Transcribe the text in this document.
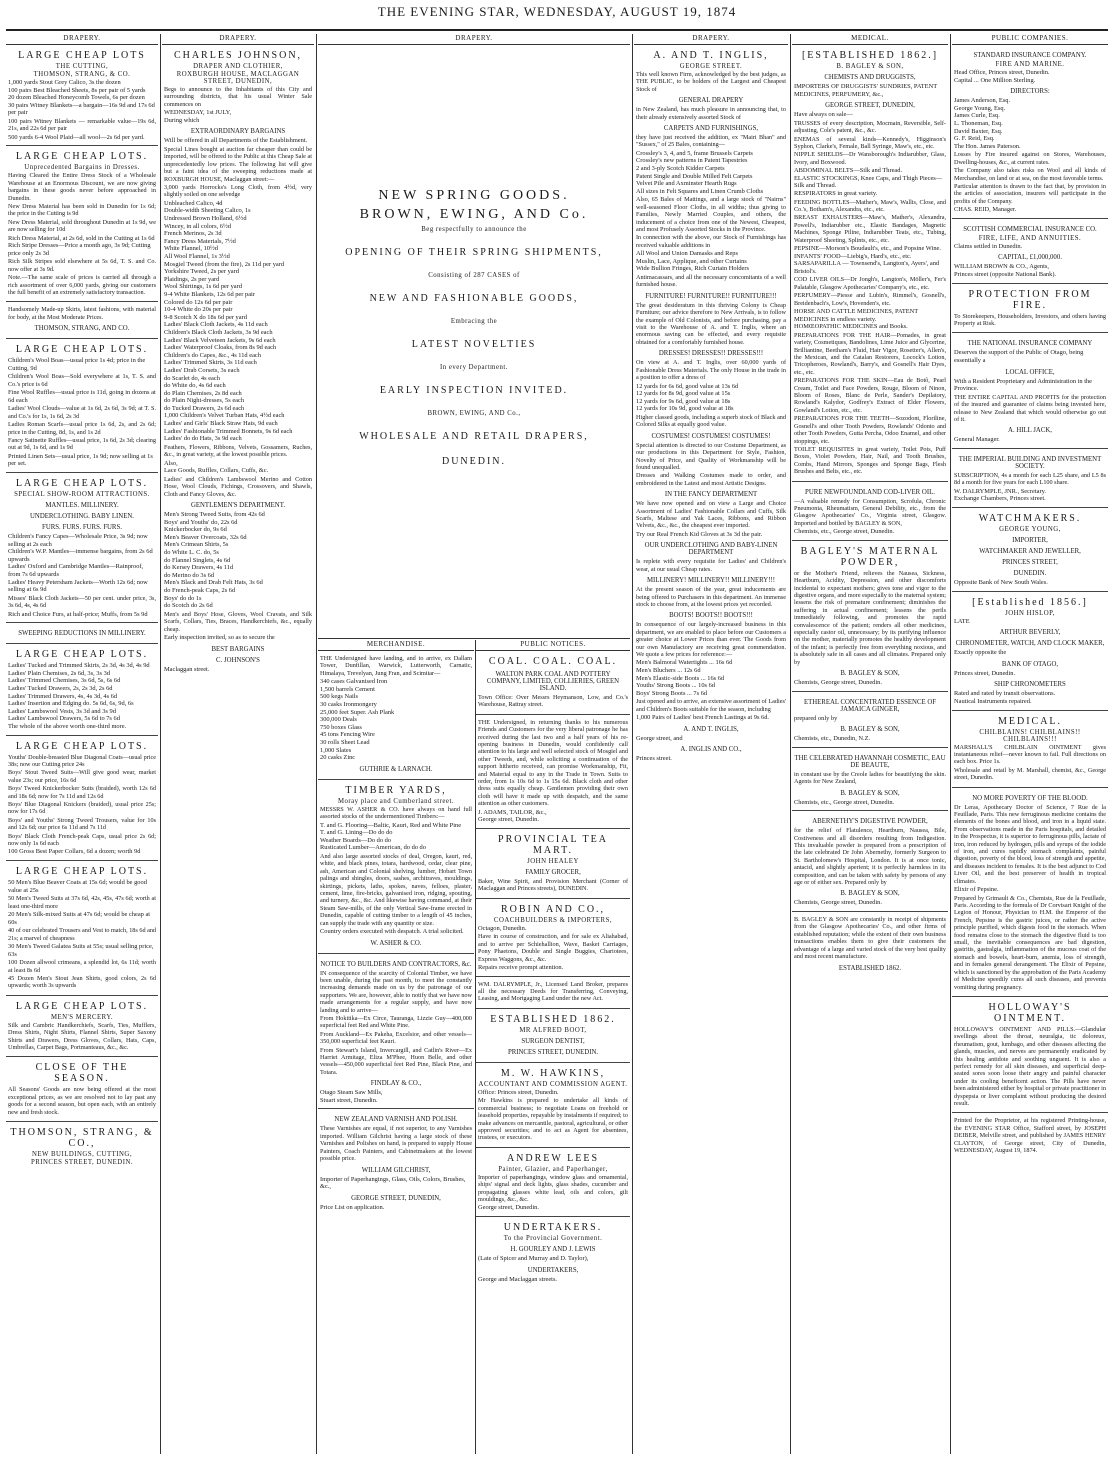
THE EVENING STAR, WEDNESDAY, AUGUST 19, 1874
DRAPERY.
LARGE CHEAP LOTS
THE CUTTING,
THOMSON, STRANG, & CO.

1,000 yards Stout Grey Calico, 3s the dozen

100 pairs Best Bleached Sheets, 8s per pair of 5 yards

20 dozen Bleached Honeycomb Towels, 6s per dozen

30 pairs Witney Blankets—a bargain—16s 9d and 17s 6d per pair

100 pairs Witney Blankets — remarkable value—19s 6d, 21s, and 22s 6d per pair

500 yards 6-4 Wool Plaid—all wool—2s 6d per yard.

LARGE CHEAP LOTS.
Unprecedented Bargains in Dresses.

Having Cleared the Entire Dress Stock of a Wholesale Warehouse at an Enormous Discount, we are now giving bargains in these goods never before approached in Dunedin.

New Dress Material has been sold in Dunedin for 1s 6d; the price in the Cutting is 9d

New Dress Material, sold throughout Dunedin at 1s 9d, we are now selling for 10d

Rich Dress Material, at 2s 6d, sold in the Cutting at 1s 6d

Rich Stripe Dresses—Price a month ago, 3s 9d; Cutting price only 2s 3d

Rich Silk Stripes sold elsewhere at 5s 6d, T. S. and Co. now offer at 3s 9d.

Note.—The same scale of prices is carried all through a rich assortment of over 6,000 yards, giving our customers the full benefit of an extremely satisfactory transaction.

Handsomely Made-up Skirts, latest fashions, with material for body, at the Most Moderate Prices.

THOMSON, STRANG, AND CO.

LARGE CHEAP LOTS.

Children's Wool Boas—usual price 1s 4d; price in the Cutting, 9d

Children's Wool Boas—Sold everywhere at 1s, T. S. and Co.'s price is 6d

Fine Wool Ruffles—usual price is 11d, going in dozens at 6d each

Ladies' Wool Clouds—value at 1s 6d, 2s 6d, 3s 9d; at T. S. and Co.'s for 1s, 1s 6d, 2s 3d

Ladies Roman Scarfs—usual price 1s 6d, 2s, and 2s 6d; price in the Cutting, 8d, 1s, and 1s 2d

Fancy Satinette Ruffles—usual price, 1s 6d, 2s 3d; clearing out at 9d, 1s 6d, and 1s 9d

Printed Linen Sets—usual price, 1s 9d; now selling at 1s per set.

LARGE CHEAP LOTS.
SPECIAL SHOW-ROOM ATTRACTIONS.

MANTLES. MILLINERY.

UNDERCLOTHING. BABY LINEN.

FURS. FURS. FURS. FURS.

Children's Fancy Capes—Wholesale Price, 3s 9d; now selling at 2s each

Children's W.P. Mantles—immense bargains, from 2s 6d upwards

Ladies' Oxford and Cambridge Mantles—Rainproof, from 7s 6d upwards

Ladies' Heavy Petersham Jackets—Worth 12s 6d; now selling at 6s 9d

Misses' Black Cloth Jackets—50 per cent. under price, 3s, 3s 6d, 4s, 4s 6d

Rich and Choice Furs, at half-price; Muffs, from 5s 9d

SWEEPING REDUCTIONS IN MILLINERY.
LARGE CHEAP LOTS.

Ladies' Tucked and Trimmed Skirts, 2s 3d, 4s 3d, 4s 9d

Ladies' Plain Chemises, 2s 6d, 3s, 3s 3d

Ladies' Trimmed Chemises, 3s 6d, 5s, 6s 6d

Ladies' Tucked Drawers, 2s, 2s 3d, 2s 6d

Ladies' Trimmed Drawers, 4s, 4s 3d, 4s 6d

Ladies' Insertion and Edging do. 5s 6d, 6s, 9d, 6s

Ladies' Lambswool Vests, 3s 3d and 3s 9d

Ladies' Lambswool Drawers, 5s 6d to 7s 6d

The whole of the above worth one-third more.

LARGE CHEAP LOTS.

Youths' Double-breasted Blue Diagonal Coats—usual price 38s; now our Cutting price 24s

Boys' Stout Tweed Suits—Will give good wear, market value 23s; our price, 16s 6d

Boys' Tweed Knickerbocker Suits (braided), worth 12s 6d and 18s 6d; now for 7s 11d and 12s 6d

Boys' Blue Diagonal Knickers (braided), usual price 25s; now for 17s 6d

Boys' and Youths' Strong Tweed Trousers, value for 10s and 12s 6d; our price 6s 11d and 7s 11d

Boys' Black Cloth French-peak Caps, usual price 2s 6d; now only 1s 6d each

100 Gross Best Paper Collars, 6d a dozen; worth 9d

LARGE CHEAP LOTS.

50 Men's Blue Beaver Coats at 15s 6d; would be good value at 25s

50 Men's Tweed Suits at 37s 6d, 42s, 45s, 47s 6d; worth at least one-third more

20 Men's Silk-mixed Suits at 47s 6d; would be cheap at 60s

40 of our celebrated Trousers and Vest to match, 18s 6d and 21s; a marvel of cheapness

30 Men's Tweed Galatea Suits at 55s; usual selling price, 63s

100 Dozen allwool crimeans, a splendid lot, 6s 11d; worth at least 8s 6d

45 Dozen Men's Stout Jean Shirts, good colors, 2s 6d upwards; worth 3s upwards

LARGE CHEAP LOTS.
MEN'S MERCERY.

Silk and Cambric Handkerchiefs, Scarfs, Ties, Mufflers, Dress Shirts, Night Shirts, Flannel Shirts, Super Saxony Shirts and Drawers, Dress Gloves, Collars, Hats, Caps, Umbrellas, Carpet Bags, Portmanteaus, &c., &c.

CLOSE OF THE SEASON.

All Seasons' Goods are now being offered at the most exceptional prices, as we are resolved not to lay past any goods for a second season, but open each, with an entirely new and fresh stock.

THOMSON, STRANG, & CO.,
NEW BUILDINGS, CUTTING,
PRINCES STREET, DUNEDIN.
DRAPERY.
CHARLES JOHNSON,
DRAPER AND CLOTHIER,
ROXBURGH HOUSE, MACLAGGAN STREET, DUNEDIN,

Begs to announce to the Inhabitants of this City and surrounding districts, that his usual Winter Sale commences on

WEDNESDAY, 1st JULY,

During which

EXTRAORDINARY BARGAINS

Will be offered in all Departments of the Establishment.

Special Lines bought at auction far cheaper than could be imported, will be offered to the Public at this Cheap Sale at unprecedentedly low prices. The following list will give but a faint idea of the sweeping reductions made at ROXBURGH HOUSE, Maclaggan street:—

3,000 yards Horrocks's Long Cloth, from 4½d, very slightly soiled on one selvedge

Unbleached Calico, 4d

Double-width Sheeting Calico, 1s

Undressed Brown Holland, 6½d

Wincey, in all colors, 6½d

French Merinos, 2s 3d

Fancy Dress Materials, 7½d

White Flannel, 10½d

All Wool Flannel, 1s 3½d

Mosgiel Tweed (from the fire), 2s 11d per yard

Yorkshire Tweed, 2s per yard

Plaidings, 2s per yard

Wool Shirtings, 1s 6d per yard

9-4 White Blankets, 12s 6d per pair

Colored do 12s 6d per pair

10-4 White do 20s per pair

9-8 Scotch X do 18s 6d per yard

Ladies' Black Cloth Jackets, 4s 11d each

Children's Black Cloth Jackets, 3s 9d each

Ladies' Black Velveteen Jackets, 9s 6d each

Ladies' Waterproof Cloaks, from 8s 9d each

Children's do Capes, &c., 4s 11d each

Ladies' Trimmed Skirts, 3s 11d each

Ladies' Drab Corsets, 3s each

do Scarlet do, 4s each

do White do, 4s 6d each

do Plain Chemises, 2s 8d each

do Plain Night-dresses, 5s each

do Tucked Drawers, 2s 6d each

1,000 Children's Velvet Turban Hats, 4½d each

Ladies' and Girls' Black Straw Hats, 9d each

Ladies' Fashionable Trimmed Bonnets, 9s 6d each

Ladies' do do Hats, 3s 9d each

Feathers, Flowers, Ribbons, Velvets, Gossamers, Ruches, &c., in great variety, at the lowest possible prices.

Also,

Lace Goods, Ruffles, Collars, Cuffs, &c.

Ladies' and Children's Lambswool Merino and Cotton Hose, Wool Clouds, Fichings, Crossovers, and Shawls, Cloth and Fancy Gloves, &c.

GENTLEMEN'S DEPARTMENT.

Men's Strong Tweed Suits, from 42s 6d

Boys' and Youths' do, 22s 6d

Knickerbocker do, 9s 6d

Men's Beaver Overcoats, 32s 6d

Men's Crimean Shirts, 5s

do White L. C. do, 5s

do Flannel Singlets, 4s 6d

do Kersey Drawers, 4s 11d

do Merino do 3s 6d

Men's Black and Drab Felt Hats, 3s 6d

do French-peak Caps, 2s 6d

Boys' do do 1s

do Scotch do 2s 6d

Men's and Boys' Hose, Gloves, Wool Cravats, and Silk Scarfs, Collars, Ties, Braces, Handkerchiefs, &c., equally cheap.

Early inspection invited, so as to secure the

BEST BARGAINS

C. JOHNSON'S

Maclaggan street.

DRAPERY.
NEW SPRING GOODS.
BROWN, EWING, AND Co.
Beg respectfully to announce the

OPENING OF THEIR SPRING SHIPMENTS,

Consisting of 287 CASES of

NEW AND FASHIONABLE GOODS,

Embracing the

LATEST NOVELTIES

In every Department.

EARLY INSPECTION INVITED.

BROWN, EWING, AND Co.,

WHOLESALE AND RETAIL DRAPERS,

DUNEDIN.

MERCHANDISE.

THE Undersigned have landing, and to arrive, ex Dallam Tower, Dunfillan, Warwick, Lutterworth, Carnatic, Himalaya, Trevelyan, Jung Fran, and Scimitar—

340 cases Galvanised Iron

1,500 barrels Cement

500 kegs Nails

30 casks Ironmongery

25,000 feet Super. Ash Plank

300,000 Deals

750 boxes Glass

45 tons Fencing Wire

30 rolls Sheet Lead

1,000 Slates

20 casks Zinc

GUTHRIE & LARNACH.

TIMBER YARDS,
Moray place and Cumberland street.

MESSRS W. ASHER & CO. have always on hand full assorted stocks of the undermentioned Timbers:—

T. and G. Flooring—Baltic, Kauri, Red and White Pine

T. and G. Lining—Do do do

Weather Boards—Do do do

Rusticated Lumber—American, do do do

And also large assorted stocks of deal, Oregon, kauri, red, white, and black pines, totara, hardwood, cedar, clear pine, ash, American and Colonial shelving, lumber, Hobart Town palings and shingles, doors, sashes, architraves, mouldings, skirtings, pickets, laths, spokes, naves, felloes, plaster, cement, lime, fire-bricks, galvanised iron, ridging, spouting, and turnery, &c., &c. And likewise having command, at their Steam Saw-mills, of the only Vertical Saw-frame erected in Dunedin, capable of cutting timber to a length of 45 inches, can supply the trade with any quantity or size.

Country orders executed with despatch. A trial solicited.

W. ASHER & CO.

NOTICE TO BUILDERS AND CONTRACTORS, &c.

IN consequence of the scarcity of Colonial Timber, we have been unable, during the past month, to meet the constantly increasing demands made on us by the patronage of our supporters. We are, however, able to notify that we have now made arrangements for a regular supply, and have now landing and to arrive—

From Hokitika—Ex Circe, Tauranga, Lizzie Guy—400,000 superficial feet Red and White Pine.

From Auckland—Ex Pakeha, Excelsior, and other vessels—350,000 superficial feet Kauri.

From Stewart's Island, Invercargill, and Catlin's River—Ex Harriet Armitage, Eliza M'Phee, Huon Belle, and other vessels—450,000 superficial feet Red Pine, Black Pine, and Totara.

FINDLAY & CO.,

Otago Steam Saw Mills,

Stuart street, Dunedin.

NEW ZEALAND VARNISH AND POLISH.

These Varnishes are equal, if not superior, to any Varnishes imported. William Gilchrist having a large stock of these Varnishes and Polishes on hand, is prepared to supply House Painters, Coach Painters, and Cabinetmakers at the lowest possible price.

WILLIAM GILCHRIST,

Importer of Paperhangings, Glass, Oils, Colors, Brushes, &c.,

GEORGE STREET, DUNEDIN,

Price List on application.

PUBLIC NOTICES.
COAL. COAL. COAL.

WALTON PARK COAL AND POTTERY COMPANY, LIMITED, COLLIERIES, GREEN ISLAND.

Town Office: Over Messrs Heymanson, Low, and Co.'s Warehouse, Rattray street.

THE Undersigned, in returning thanks to his numerous Friends and Customers for the very liberal patronage he has received during the last two and a half years of his re-opening business in Dunedin, would confidently call attention to his large and well selected stock of Mosgiel and other Tweeds, and, while soliciting a continuation of the support hitherto received, can promise Workmanship, Fit, and Material equal to any in the Trade in Town. Suits to order, from 1s 10s 6d to 1s 15s 6d. Black cloth and other dress suits equally cheap. Gentlemen providing their own cloth will have it made up with despatch, and the same attention as other customers.

J. ADAMS, TAILOR, &c.,

George street, Dunedin.

PROVINCIAL TEA MART.
JOHN HEALEY

FAMILY GROCER,

Baker, Wine Spirit, and Provision Merchant (Corner of Maclaggan and Princes streets), DUNEDIN.

ROBIN AND CO.,
COACHBUILDERS & IMPORTERS,

Octagon, Dunedin.

Have in course of construction, and for sale ex Aliahabad, and to arrive per Schiehallion, Wave, Basket Carriages, Pony Phaetons, Double and Single Buggies, Chariotees, Express Waggons, &c., &c.

Repairs receive prompt attention.

WM. DALRYMPLE, Jr., Licensed Land Broker, prepares all the necessary Deeds for Transferring, Conveying, Leasing, and Mortgaging Land under the new Act.

ESTABLISHED 1862.
MR ALFRED BOOT,

SURGEON DENTIST,

PRINCES STREET, DUNEDIN.

M. W. HAWKINS,
ACCOUNTANT AND COMMISSION AGENT.

Office: Princes street, Dunedin.

Mr Hawkins is prepared to undertake all kinds of commercial business; to negotiate Loans on freehold or leasehold properties, repayable by instalments if required; to make advances on mercantile, pastoral, agricultural, or other approved securities; and to act as Agent for absentees, trustees, or executors.

ANDREW LEES
Painter, Glazier, and Paperhanger,

Importer of paperhangings, window glass and ornamental, ships' signal and deck lights, glass shades, cucumber and propagating glasses white lead, oils and colors, gilt mouldings, &c., &c.

George street, Dunedin.

UNDERTAKERS.
To the Provincial Government.

H. GOURLEY AND J. LEWIS

(Late of Spicer and Murray and D. Taylor),

UNDERTAKERS,

George and Maclaggan streets.

DRAPERY.
A. AND T. INGLIS,
GEORGE STREET.

This well known Firm, acknowledged by the best judges, as THE PUBLIC, to be holders of the Largest and Cheapest Stock of

GENERAL DRAPERY

in New Zealand, has much pleasure in announcing that, to their already extensively assorted Stock of

CARPETS AND FURNISHINGS,

they have just received the addition, ex "Mairi Bhan" and "Sussex," of 25 Bales, containing—

Crossley's 3, 4, and 5, frame Brussels Carpets

Crossley's new patterns in Patent Tapestries

2 and 3-ply Scotch Kidder Carpets

Patent Single and Double Milled Felt Carpets

Velvet Pile and Axminster Hearth Rugs

All sizes in Felt Squares and Linen Crumb Cloths

Also, 65 Bales of Mattings, and a large stock of "Nairns" well-seasoned Floor Cloths, in all widths; thus giving to Families, Newly Married Couples, and others, the inducement of a choice from one of the Newest, Cheapest, and most Profusely Assorted Stocks in the Province.

In connection with the above, our Stock of Furnishings has received valuable additions in

All Wool and Union Damasks and Reps

Muslin, Lace, Applique, and other Curtains

Wide Bullion Fringes, Rich Curtain Holders

Antimacassars, and all the necessary concomitants of a well furnished house.

FURNITURE! FURNITURE!! FURNITURE!!!

The great desideratum in this thriving Colony is Cheap Furniture; our advice therefore to New Arrivals, is to follow the example of Old Colonists, and before purchasing, pay a visit to the Warehouse of A. and T. Inglis, where an enormous saving can be effected, and every requisite obtained for a comfortably furnished house.

DRESSES! DRESSES!! DRESSES!!!

On view at A. and T. Inglis, over 60,000 yards of Fashionable Dress Materials. The only House in the trade in a position to offer a dress of

12 yards for 6s 6d, good value at 13s 6d

12 yards for 8s 9d, good value at 15s

12 yards for 9s 6d, good value at 18s

12 yards for 10s 9d, good value at 18s

Higher classed goods, including a superb stock of Black and Colored Silks at equally good value.

COSTUMES! COSTUMES! COSTUMES!

Special attention is directed to our Costume Department, as our productions in this Department for Style, Fashion, Novelty of Price, and Quality of Workmanship will be found unequalled.

Dresses and Walking Costumes made to order, and embroidered in the Latest and most Artistic Designs.

IN THE FANCY DEPARTMENT

We have now opened and on view a Large and Choice Assortment of Ladies' Fashionable Collars and Cuffs, Silk Scarfs, Maltese and Yak Laces, Ribbons, and Ribbon Velvets, &c., &c., the cheapest ever imported.

Try our Real French Kid Gloves at 3s 3d the pair.

OUR UNDERCLOTHING AND BABY-LINEN DEPARTMENT

Is replete with every requisite for Ladies' and Children's wear, at our usual Cheap rates.

MILLINERY! MILLINERY!! MILLINERY!!!

At the present season of the year, great inducements are being offered to Purchasers in this department. An immense stock to choose from, at the lowest prices yet recorded.

BOOTS! BOOTS!! BOOTS!!!

In consequence of our largely-increased business in this department, we are enabled to place before our Customers a greater choice at Lower Prices than ever. The Goods from our own Manufactory are receiving great commendation. We quote a few prices for reference:—

Men's Balmoral Watertights ... 16s 6d

Men's Bluchers ... 12s 6d

Men's Elastic-side Boots ... 16s 6d

Youths' Strong Boots ... 10s 6d

Boys' Strong Boots ... 7s 6d

Just opened and to arrive, an extensive assortment of Ladies' and Children's Boots suitable for the season, including

1,000 Pairs of Ladies' best French Lastings at 9s 6d.

A. AND T. INGLIS,

George street, and

A. INGLIS AND CO.,

Princes street.

MEDICAL.
[ESTABLISHED 1862.]
B. BAGLEY & SON,

CHEMISTS AND DRUGGISTS,

IMPORTERS OF DRUGGISTS' SUNDRIES, PATENT MEDICINES, PERFUMERY, &c.,

GEORGE STREET, DUNEDIN,

Have always on sale—

TRUSSES of every description, Mocmain, Reversible, Self-adjusting, Cole's patent, &c., &c.

ENEMAS of several kinds—Kennedy's, Higginson's Syphon, Clarke's, Female, Ball Syringe, Maw's, etc., etc.

NIPPLE SHIELDS—Dr Wansborough's Indiarubber, Glass, Ivory, and Boxwood.

ABDOMINAL BELTS—Silk and Thread.

ELASTIC STOCKINGS, Knee Caps, and Thigh Pieces—Silk and Thread.

RESPIRATORS in great variety.

FEEDING BOTTLES—Mather's, Maw's, Wallis, Close, and Co.'s, Botham's, Alexandra, etc., etc.

BREAST EXHAUSTERS—Maw's, Mather's, Alexandra, Powell's, Indiarubber etc., Elastic Bandages, Magnetic Machines, Sponge Piline, Indiarubber Teats, etc., Tubing, Waterproof Sheeting, Splints, etc., etc.

PEPSINE—Morson's Boudault's, etc., and Popsine Wine.

INFANTS' FOOD—Liebig's, Hard's, etc., etc.

SARSAPARILLA — Townsend's, Langton's, Ayers', and Bristol's.

COD LIVER OILS—Dr Jongh's, Langton's, Möller's, Fer's Palatable, Glasgow Apothecaries' Company's, etc., etc.

PERFUMERY—Piesse and Lubin's, Rimmel's, Gosnell's, Breidenbach's, Low's, Hovenden's, etc.

HORSE AND CATTLE MEDICINES, PATENT MEDICINES in endless variety.

HOMŒOPATHIC MEDICINES and Books.

PREPARATIONS FOR THE HAIR—Pomades, in great variety, Cosmetiques, Bandolines, Lime Juice and Glycerine, Brilliantine, Beetham's Fluid, Hair Vigor, Rosetter's, Allen's, the Mexican, and the Catalan Restorers, Locock's Lotion, Tricopheroes, Rowland's, Barry's, and Gosnell's Hair Dyes, etc., etc.

PREPARATIONS FOR THE SKIN—Eau de Botô, Pearl Cream, Toilet and Face Powders, Rouge, Bloom of Ninon, Bloom of Roses, Blanc de Perle, Sander's Depilatory, Rowland's Kalydor, Godfrey's Extract of Elder Flowers, Gowland's Lotion, etc., etc.

PREPARATIONS FOR THE TEETH—Sozodont, Floriline, Gosnell's and other Tooth Powders, Rowlands' Odonto and other Tooth Powders, Gutta Percha, Odoo Enamel, and other stoppings, etc.

TOILET REQUISITES in great variety, Toilet Pots, Puff Boxes, Violet Powders, Hair, Nail, and Tooth Brushes, Combs, Hand Mirrors, Sponges and Sponge Bags, Flesh Brushes and Belts, etc., etc.

PURE NEWFOUNDLAND COD-LIVER OIL.

—A valuable remedy for Consumption, Scrofula, Chronic Pneumonia, Rheumatism, General Debility, etc., from the Glasgow Apothecaries' Co., Virginia street, Glasgow. Imported and bottled by BAGLEY & SON,

Chemists, etc., George street, Dunedin.

BAGLEY'S MATERNAL POWDER,

or the Mother's Friend, relieves the Nausea, Sickness, Heartburn, Acidity, Depression, and other discomforts incidental to expectant mothers; gives tone and vigor to the digestive organs, and more especially to the maternal system; lessens the risk of premature confinement; diminishes the suffering in actual confinement; lessens the perils immediately following, and promotes the rapid convalescence of the patient; renders all other medicines, especially castor oil, unnecessary; by its purifying influence on the mother, materially promotes the healthy development of the infant; is perfectly free from everything noxious, and is absolutely safe in all cases and all climates. Prepared only by

B. BAGLEY & SON,

Chemists, George street, Dunedin.

ETHEREAL CONCENTRATED ESSENCE OF JAMAICA GINGER,

prepared only by

B. BAGLEY & SON,

Chemists, etc., Dunedin, N.Z.

THE CELEBRATED HAVANNAH COSMETIC, EAU DE BEAUTE,

in constant use by the Creole ladies for beautifying the skin. Agents for New Zealand,

B. BAGLEY & SON,

Chemists, etc., George street, Dunedin.

ABERNETHY'S DIGESTIVE POWDER,

for the relief of Flatulence, Heartburn, Nausea, Bile, Costiveness and all disorders resulting from Indigestion. This invaluable powder is prepared from a prescription of the late celebrated Dr John Abernethy, formerly Surgeon to St. Bartholomew's Hospital, London. It is at once tonic, antacid, and slightly aperient; it is perfectly harmless in its composition, and can be taken with safety by persons of any age or of either sex. Prepared only by

B. BAGLEY & SON,

Chemists, George street, Dunedin.

B. BAGLEY & SON are constantly in receipt of shipments from the Glasgow Apothecaries' Co., and other firms of established reputation; while the extent of their own business transactions enables them to give their customers the advantage of a large and varied stock of the very best quality and most recent manufacture.

ESTABLISHED 1862.

PUBLIC COMPANIES.
STANDARD INSURANCE COMPANY.
FIRE AND MARINE.

Head Office, Princes street, Dunedin.

Capital ... One Million Sterling.

DIRECTORS:

James Anderson, Esq.

George Young, Esq.

James Curle, Esq.

L. Thoneman, Esq.

David Baxter, Esq.

G. F. Reid, Esq.

The Hon. James Paterson.

Losses by Fire insured against on Stores, Warehouses, Dwelling-houses, &c., at current rates.

The Company also takes risks on Wool and all kinds of Merchandise, on land or at sea, on the most favorable terms.

Particular attention is drawn to the fact that, by provision in the articles of association, insurers will participate in the profits of the Company.

CHAS. REID, Manager.

SCOTTISH COMMERCIAL INSURANCE CO.
FIRE, LIFE, AND ANNUITIES.

Claims settled in Dunedin.

CAPITAL, £1,000,000.

WILLIAM BROWN & CO., Agents,

Princes street (opposite National Bank).

PROTECTION FROM FIRE.

To Storekeepers, Householders, Investors, and others having Property at Risk.

THE NATIONAL INSURANCE COMPANY

Deserves the support of the Public of Otago, being essentially a

LOCAL OFFICE,

With a Resident Proprietary and Administration in the Province.

THE ENTIRE CAPITAL AND PROFITS for the protection of the insured and guarantee of claims being invested here, release to New Zealand that which would otherwise go out of it.

A. HILL JACK,

General Manager.

THE IMPERIAL BUILDING AND INVESTMENT SOCIETY.

SUBSCRIPTION, 4s a month for each L25 share, and L5 8s 8d a month for five years for each L100 share.

W. DALRYMPLE, JNR., Secretary.

Exchange Chambers, Princes street.

WATCHMAKERS.
GEORGE YOUNG,

IMPORTER,

WATCHMAKER AND JEWELLER,

PRINCES STREET,

DUNEDIN.

Opposite Bank of New South Wales.

[Established 1856.]
JOHN HISLOP,

LATE

ARTHUR BEVERLY,

CHRONOMETER, WATCH, AND CLOCK MAKER,

Exactly opposite the

BANK OF OTAGO,

Princes street, Dunedin.

SHIP CHRONOMETERS

Rated and rated by transit observations.

Nautical Instruments repaired.

MEDICAL.
CHILBLAINS! CHILBLAINS!! CHILBLAINS!!!

MARSHALL'S CHILBLAIN OINTMENT gives instantaneous relief—never known to fail. Full directions on each box. Price 1s.

Wholesale and retail by M. Marshall, chemist, &c., George street, Dunedin.

NO MORE POVERTY OF THE BLOOD.

Dr Leras, Apothecary Doctor of Science, 7 Rue de la Feuillade, Paris. This new ferruginous medicine contains the elements of the bones and blood, and iron in a liquid state. From observations made in the Paris hospitals, and detailed in the Prospectus, it is superior to ferruginous pills, lactate of iron, iron reduced by hydrogen, pills and syrups of the iodide of iron, and cures rapidly stomach complaints, painful digestion, poverty of the blood, loss of strength and appetite, and diseases incident to females. It is the best adjunct to Cod Liver Oil, and the best preserver of health in tropical climates.

Elixir of Pepsine.

Prepared by Grimault & Co., Chemists, Rue de la Feuillade, Paris. According to the formula of Dr Corvisart Knight of the Legion of Honour, Physician to H.M. the Emperor of the French, Pepsine is the gastric juices, or rather the active principle purified, which digests food in the stomach. When food remains close to the stomach the digestive fluid is too small, the inevitable consequences are bad digestion, gastritis, gastralgia, inflammation of the mucous coat of the stomach and bowels, heart-burn, anemia, loss of strength, and in females general derangement. The Elixir of Pepsine, which is sanctioned by the approbation of the Paris Academy of Medicine speedily cures all such diseases, and prevents vomiting during pregnancy.

HOLLOWAY'S OINTMENT.

HOLLOWAY'S OINTMENT AND PILLS.—Glandular swellings about the throat, neuralgia, tic doloreux, rheumatism, gout, lumbago, and other diseases affecting the glands, muscles, and nerves are permanently eradicated by this healing antidote and soothing unguent. It is also a perfect remedy for all skin diseases, and superficial deep-seated sores soon loose their angry and painful character under its cooling beneficent action. The Pills have never been administered either by hospital or private practitioner in dyspepsia or liver complaint without producing the desired result.

Printed for the Proprietor, at his registered Printing-house, the EVENING STAR Office, Stafford street, by JOSEPH DEIBER, Melville street, and published by JAMES HENRY CLAYTON, of George street, City of Dunedin, WEDNESDAY, August 19, 1874.
